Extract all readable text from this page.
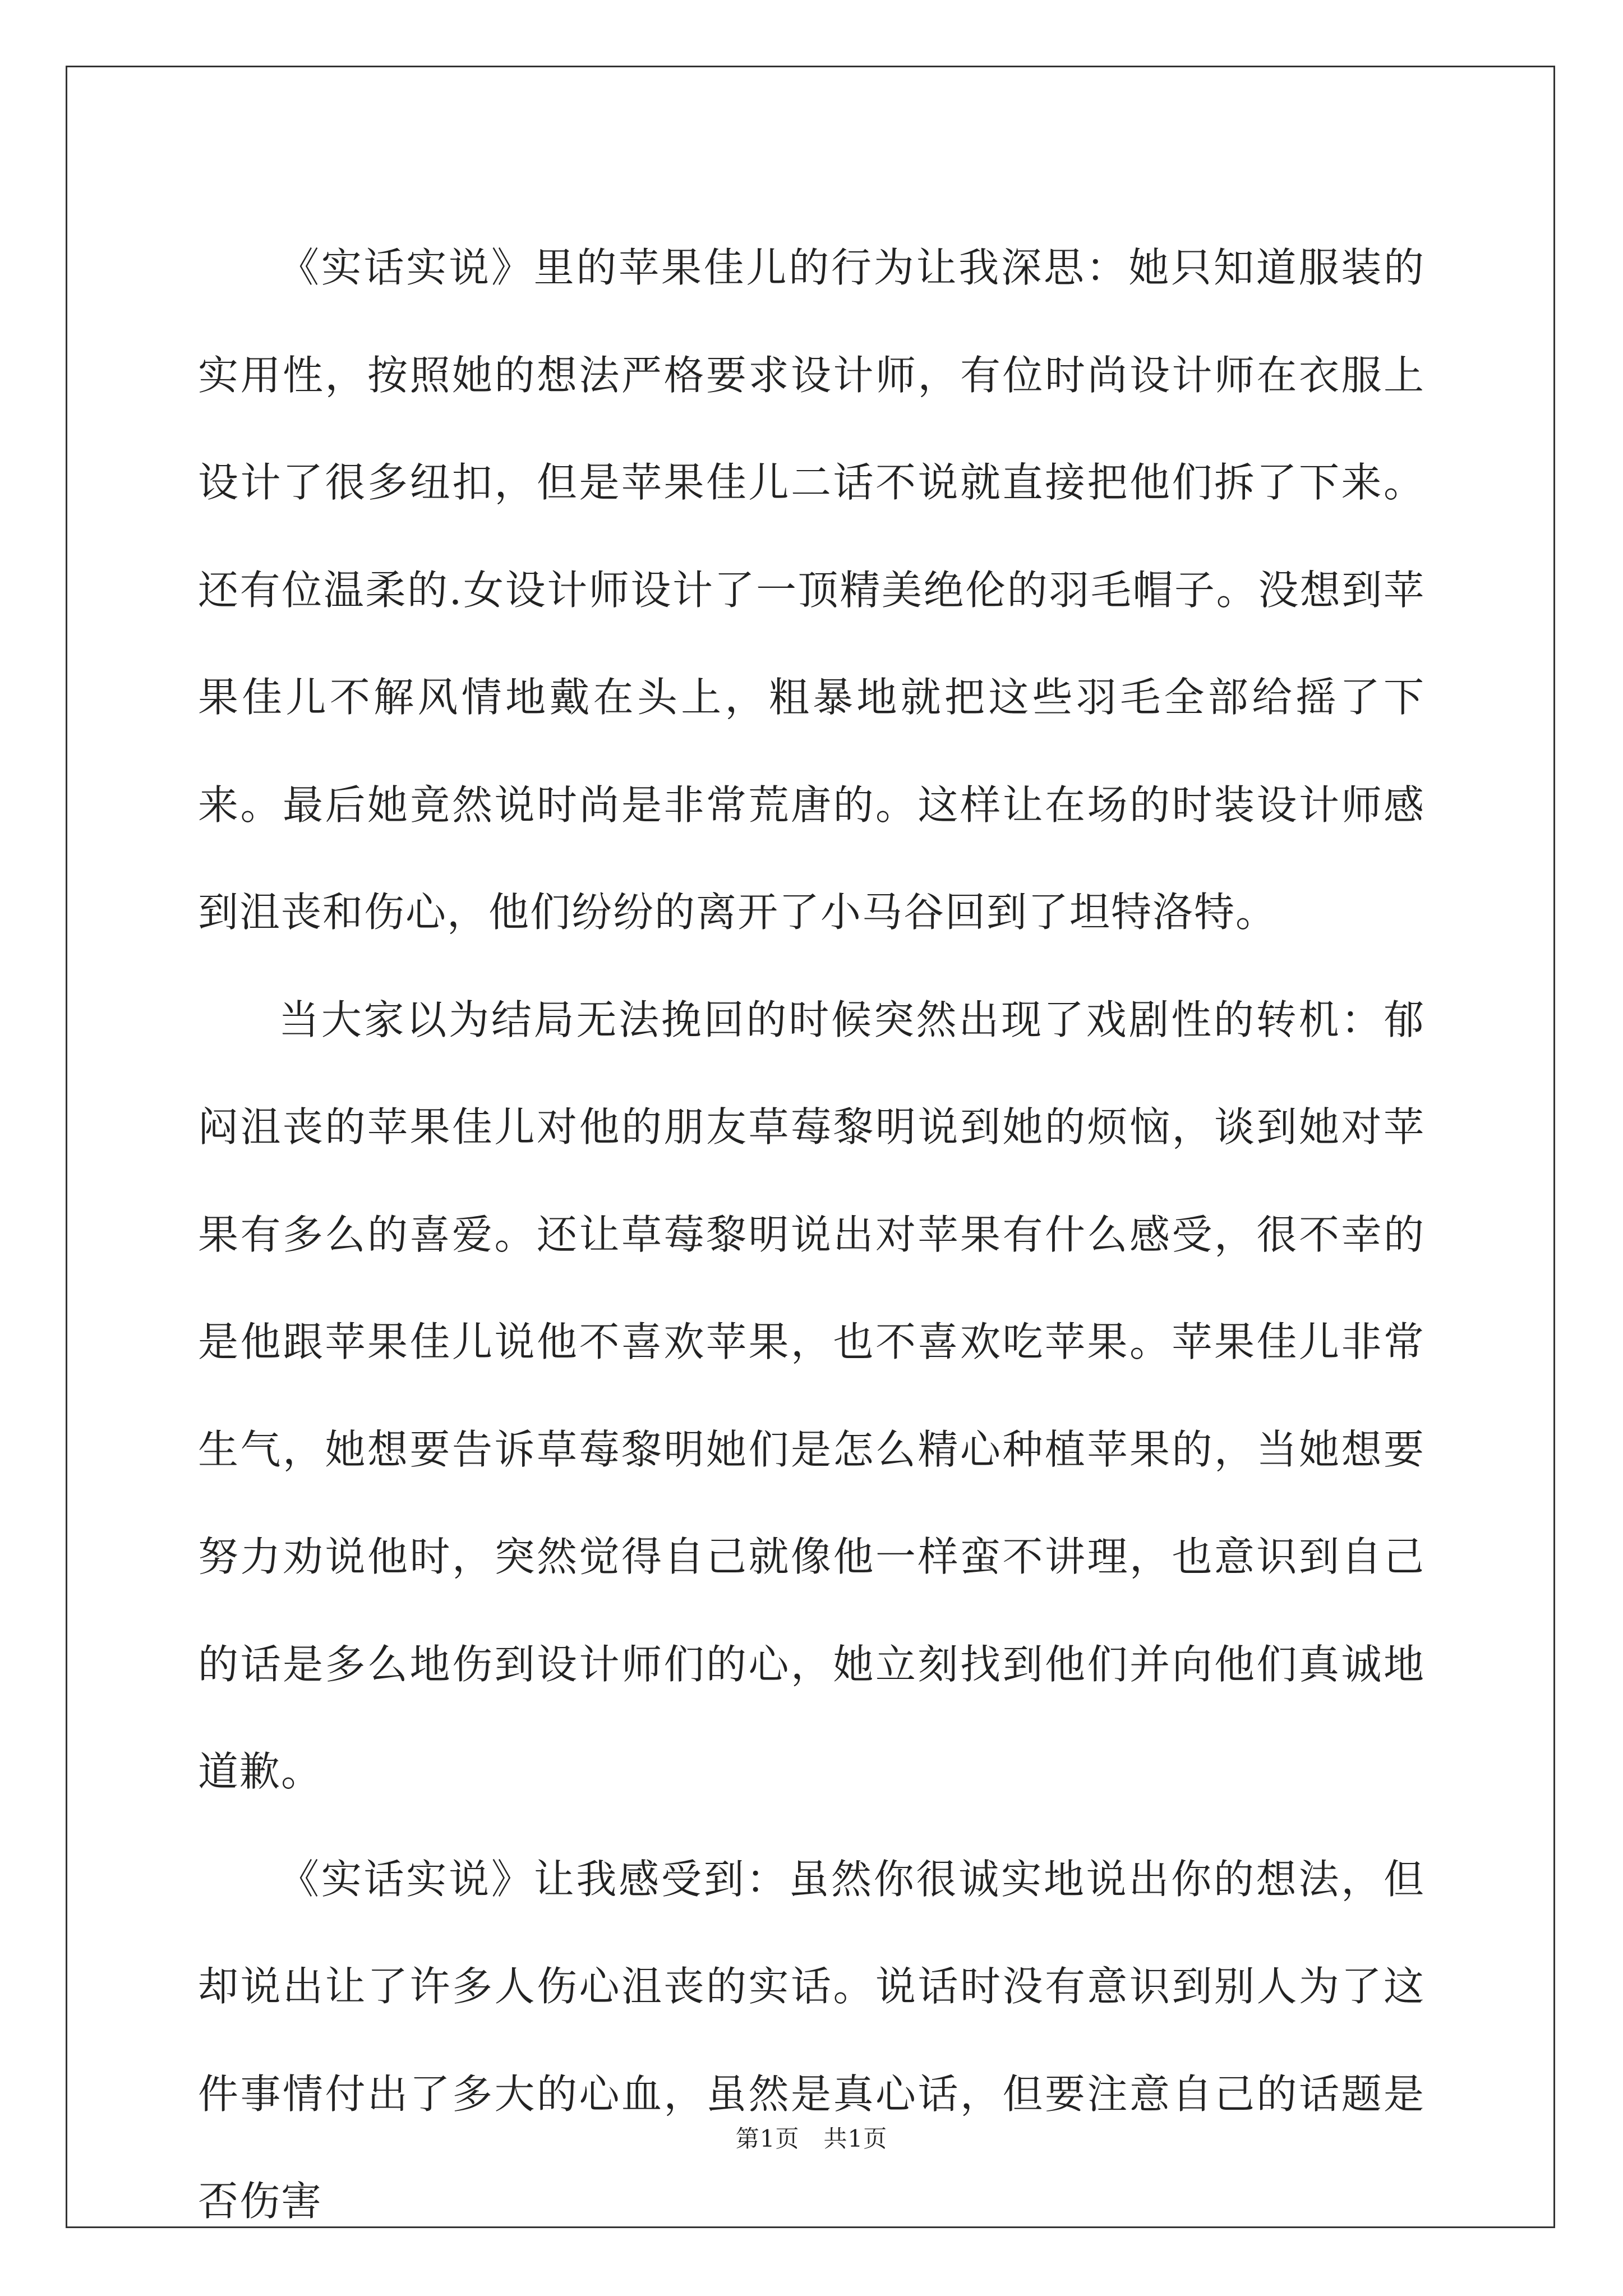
《实话实说》里的苹果佳儿的行为让我深思：她只知道服装的实用性，按照她的想法严格要求设计师，有位时尚设计师在衣服上设计了很多纽扣，但是苹果佳儿二话不说就直接把他们拆了下来。还有位温柔的.女设计师设计了一顶精美绝伦的羽毛帽子。没想到苹果佳儿不解风情地戴在头上，粗暴地就把这些羽毛全部给摇了下来。最后她竟然说时尚是非常荒唐的。这样让在场的时装设计师感到沮丧和伤心，他们纷纷的离开了小马谷回到了坦特洛特。

当大家以为结局无法挽回的时候突然出现了戏剧性的转机：郁闷沮丧的苹果佳儿对他的朋友草莓黎明说到她的烦恼，谈到她对苹果有多么的喜爱。还让草莓黎明说出对苹果有什么感受，很不幸的是他跟苹果佳儿说他不喜欢苹果，也不喜欢吃苹果。苹果佳儿非常生气，她想要告诉草莓黎明她们是怎么精心种植苹果的，当她想要努力劝说他时，突然觉得自己就像他一样蛮不讲理，也意识到自己的话是多么地伤到设计师们的心，她立刻找到他们并向他们真诚地道歉。

《实话实说》让我感受到：虽然你很诚实地说出你的想法，但却说出让了许多人伤心沮丧的实话。说话时没有意识到别人为了这件事情付出了多大的心血，虽然是真心话，但要注意自己的话题是否伤害

第1页 共1页
